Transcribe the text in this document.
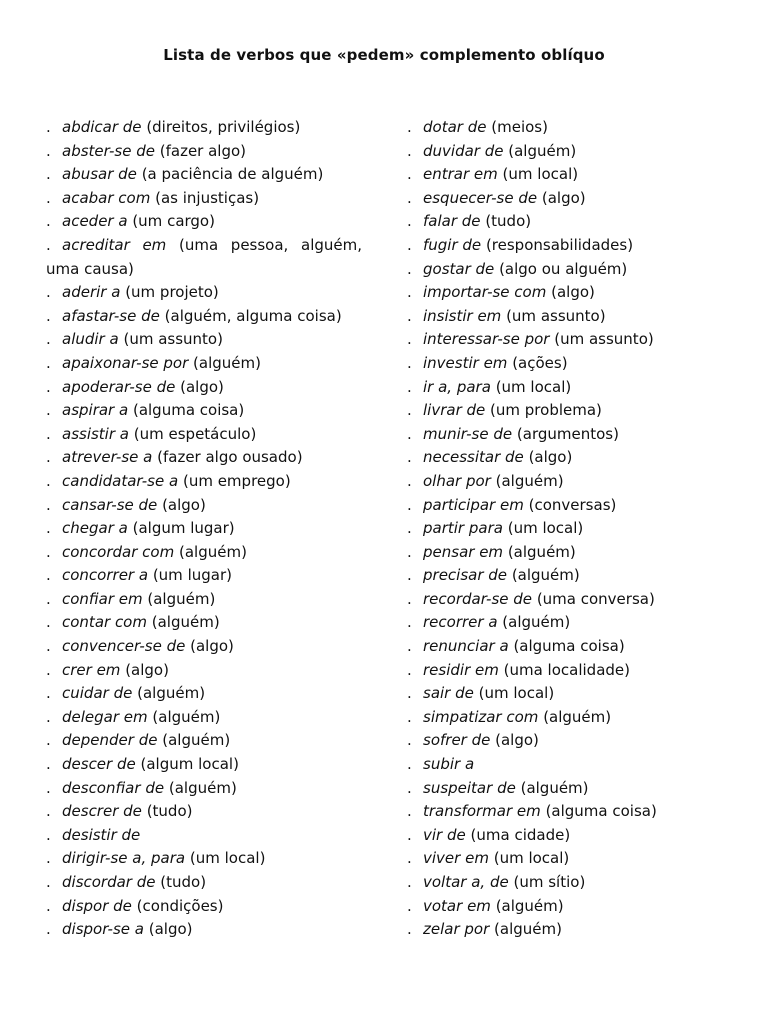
Lista de verbos que «pedem» complemento oblíquo
. abdicar de (direitos, privilégios)
. abster-se de (fazer algo)
. abusar de (a paciência de alguém)
. acabar com (as injustiças)
. aceder a (um cargo)
. acreditar em (uma pessoa, alguém, uma causa)
. aderir a (um projeto)
. afastar-se de (alguém, alguma coisa)
. aludir a (um assunto)
. apaixonar-se por (alguém)
. apoderar-se de (algo)
. aspirar a (alguma coisa)
. assistir a (um espetáculo)
. atrever-se a (fazer algo ousado)
. candidatar-se a (um emprego)
. cansar-se de (algo)
. chegar a (algum lugar)
. concordar com (alguém)
. concorrer a (um lugar)
. confiar em (alguém)
. contar com (alguém)
. convencer-se de (algo)
. crer em (algo)
. cuidar de (alguém)
. delegar em (alguém)
. depender de (alguém)
. descer de (algum local)
. desconfiar de (alguém)
. descrer de (tudo)
. desistir de
. dirigir-se a, para (um local)
. discordar de (tudo)
. dispor de (condições)
. dispor-se a (algo)
. dotar de (meios)
. duvidar de (alguém)
. entrar em (um local)
. esquecer-se de (algo)
. falar de (tudo)
. fugir de (responsabilidades)
. gostar de (algo ou alguém)
. importar-se com (algo)
. insistir em (um assunto)
. interessar-se por (um assunto)
. investir em (ações)
. ir a, para (um local)
. livrar de (um problema)
. munir-se de (argumentos)
. necessitar de (algo)
. olhar por (alguém)
. participar em (conversas)
. partir para (um local)
. pensar em (alguém)
. precisar de (alguém)
. recordar-se de (uma conversa)
. recorrer a (alguém)
. renunciar a (alguma coisa)
. residir em (uma localidade)
. sair de (um local)
. simpatizar com (alguém)
. sofrer de (algo)
. subir a
. suspeitar de (alguém)
. transformar em (alguma coisa)
. vir de (uma cidade)
. viver em (um local)
. voltar a, de (um sítio)
. votar em (alguém)
. zelar por (alguém)
